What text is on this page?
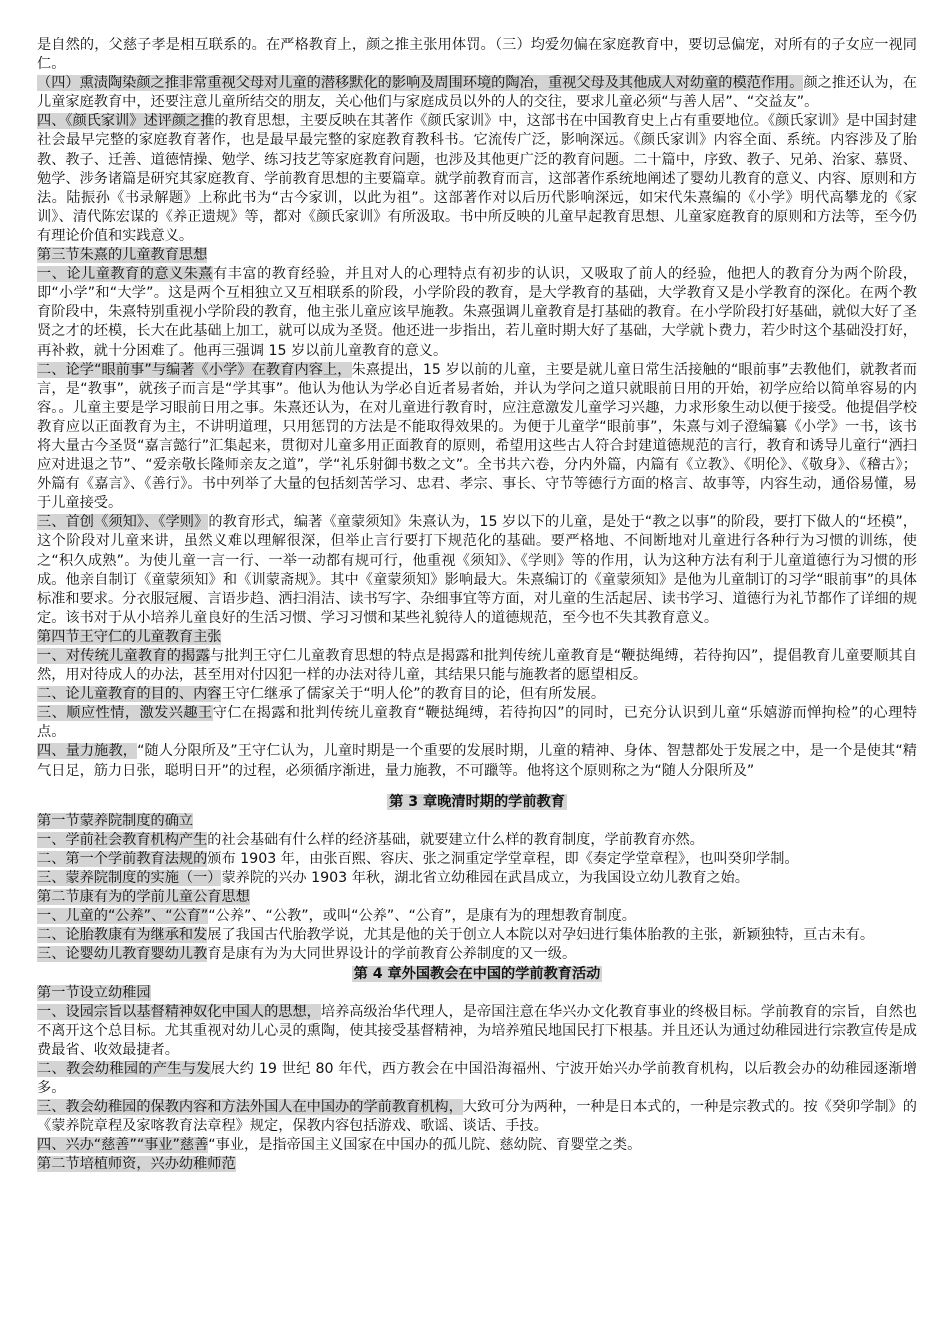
是自然的，父慈子孝是相互联系的。在严格教育上，颜之推主张用体罚。（三）均爱勿偏在家庭教育中，要切忌偏宠，对所有的子女应一视同仁。

（四）熏渍陶染颜之推非常重视父母对儿童的潜移默化的影响及周围环境的陶冶，重视父母及其他成人对幼童的模范作用。颜之推还认为，在儿童家庭教育中，还要注意儿童所结交的朋友，关心他们与家庭成员以外的人的交往，要求儿童必须“与善人居”、“交益友”。

四、《颜氏家训》述评颜之推的教育思想，主要反映在其著作《颜氏家训》中，这部书在中国教育史上占有重要地位。《颜氏家训》是中国封建社会最早完整的家庭教育著作，也是最早最完整的家庭教育教科书。它流传广泛，影响深远。《颜氏家训》内容全面、系统。内容涉及了胎教、教子、迁善、道德情操、勉学、练习技艺等家庭教育问题，也涉及其他更广泛的教育问题。二十篇中，序致、教子、兄弟、治家、慕贤、勉学、涉务诸篇是研究其家庭教育、学前教育思想的主要篇章。就学前教育而言，这部著作系统地阐述了婴幼儿教育的意义、内容、原则和方法。陆振孙《书录解题》上称此书为“古今家训，以此为祖”。这部著作对以后历代影响深远，如宋代朱熹编的《小学》明代高攀龙的《家训》、清代陈宏谋的《养正遗规》等，都对《颜氏家训》有所汲取。书中所反映的儿童早起教育思想、儿童家庭教育的原则和方法等，至今仍有理论价值和实践意义。

第三节朱熹的儿童教育思想

一、论儿童教育的意义朱熹有丰富的教育经验，并且对人的心理特点有初步的认识，又吸取了前人的经验，他把人的教育分为两个阶段，即“小学”和“大学”。这是两个互相独立又互相联系的阶段，小学阶段的教育，是大学教育的基础，大学教育又是小学教育的深化。在两个教育阶段中，朱熹特别重视小学阶段的教育，他主张儿童应该早施教。朱熹强调儿童教育是打基础的教育。在小学阶段打好基础，就似大好了圣贤之才的坯模，长大在此基础上加工，就可以成为圣贤。他还进一步指出，若儿童时期大好了基础，大学就卜费力，若少时这个基础没打好，再补救，就十分困难了。他再三强调 15 岁以前儿童教育的意义。

二、论学“眼前事”与编著《小学》在教育内容上，朱熹提出，15 岁以前的儿童，主要是就儿童日常生活接触的“眼前事”去教他们，就教者而言，是“教事”，就孩子而言是“学其事”。他认为他认为学必自近者易者始，并认为学问之道只就眼前日用的开始，初学应给以简单容易的内容。。儿童主要是学习眼前日用之事。朱熹还认为，在对儿童进行教育时，应注意激发儿童学习兴趣，力求形象生动以便于接受。他提倡学校教育应以正面教育为主，不讲明道理，只用惩罚的方法是不能取得效果的。为便于儿童学“眼前事”，朱熹与刘子澄编纂《小学》一书，该书将大量古今圣贤“嘉言懿行”汇集起来，贯彻对儿童多用正面教育的原则，希望用这些古人符合封建道德规范的言行，教育和诱导儿童行“洒扫应对进退之节”、“爱亲敬长隆师亲友之道”，学“礼乐射御书数之文”。全书共六卷，分内外篇，内篇有《立教》、《明伦》、《敬身》、《稽古》；外篇有《嘉言》、《善行》。书中列举了大量的包括刻苦学习、忠君、孝宗、事长、守节等德行方面的格言、故事等，内容生动，通俗易懂，易于儿童接受。

三、首创《须知》、《学则》的教育形式，编著《童蒙须知》朱熹认为，15 岁以下的儿童，是处于“教之以事”的阶段，要打下做人的“坯模”，这个阶段对儿童来讲，虽然义难以理解很深，但举止言行要打下规范化的基础。要严格地、不间断地对儿童进行各种行为习惯的训练，使之“积久成熟”。为使儿童一言一行、一举一动都有规可行，他重视《须知》、《学则》等的作用，认为这种方法有利于儿童道德行为习惯的形成。他亲自制订《童蒙须知》和《训蒙斋规》。其中《童蒙须知》影响最大。朱熹编订的《童蒙须知》是他为儿童制订的习学“眼前事”的具体标准和要求。分衣服冠履、言语步趋、洒扫涓洁、读书写字、杂细事宜等方面，对儿童的生活起居、读书学习、道德行为礼节都作了详细的规定。该书对于从小培养儿童良好的生活习惯、学习习惯和某些礼貌待人的道德规范，至今也不失其教育意义。

第四节王守仁的儿童教育主张

一、对传统儿童教育的揭露与批判王守仁儿童教育思想的特点是揭露和批判传统儿童教育是“鞭挞绳缚，若待拘囚”，提倡教育儿童要顺其自然，用对待成人的办法，甚至用对付囚犯一样的办法对待儿童，其结果只能与施教者的愿望相反。

二、论儿童教育的目的、内容王守仁继承了儒家关于“明人伦”的教育目的论，但有所发展。

三、顺应性情，激发兴趣王守仁在揭露和批判传统儿童教育“鞭挞绳缚，若待拘囚”的同时，已充分认识到儿童“乐嬉游而惮拘检”的心理特点。

四、量力施教，“随人分限所及”王守仁认为，儿童时期是一个重要的发展时期，儿童的精神、身体、智慧都处于发展之中，是一个是使其“精气日足，筋力日张，聪明日开”的过程，必须循序渐进，量力施教，不可躐等。他将这个原则称之为“随人分限所及”

第 3 章晚清时期的学前教育
第一节蒙养院制度的确立

一、学前社会教育机构产生的社会基础有什么样的经济基础，就要建立什么样的教育制度，学前教育亦然。

二、第一个学前教育法规的颁布 1903 年，由张百熙、容庆、张之洞重定学堂章程，即《奏定学堂章程》，也叫癸卯学制。

三、蒙养院制度的实施（一）蒙养院的兴办 1903 年秋，湖北省立幼稚园在武昌成立，为我国设立幼儿教育之始。

第二节康有为的学前儿童公育思想

一、儿童的“公养”、“公育”“公养”、“公教”，或叫“公养”、“公育”，是康有为的理想教育制度。

二、论胎教康有为继承和发展了我国古代胎教学说，尤其是他的关于创立人本院以对孕妇进行集体胎教的主张，新颖独特，亘古未有。

三、论婴幼儿教育婴幼儿教育是康有为为大同世界设计的学前教育公养制度的又一级。

第 4 章外国教会在中国的学前教育活动
第一节设立幼稚园

一、设园宗旨以基督精神奴化中国人的思想，培养高级治华代理人，是帝国注意在华兴办文化教育事业的终极目标。学前教育的宗旨，自然也不离开这个总目标。尤其重视对幼儿心灵的熏陶，使其接受基督精神，为培养殖民地国民打下根基。并且还认为通过幼稚园进行宗教宣传是成费最省、收效最捷者。

二、教会幼稚园的产生与发展大约 19 世纪 80 年代，西方教会在中国沿海福州、宁波开始兴办学前教育机构，以后教会办的幼稚园逐渐增多。

三、教会幼稚园的保教内容和方法外国人在中国办的学前教育机构，大致可分为两种，一种是日本式的，一种是宗教式的。按《癸卯学制》的《蒙养院章程及家喀教育法章程》规定，保教内容包括游戏、歌谣、谈话、手技。

四、兴办“慈善”“事业”慈善“事业，是指帝国主义国家在中国办的孤儿院、慈幼院、育婴堂之类。

第二节培植师资，兴办幼稚师范
